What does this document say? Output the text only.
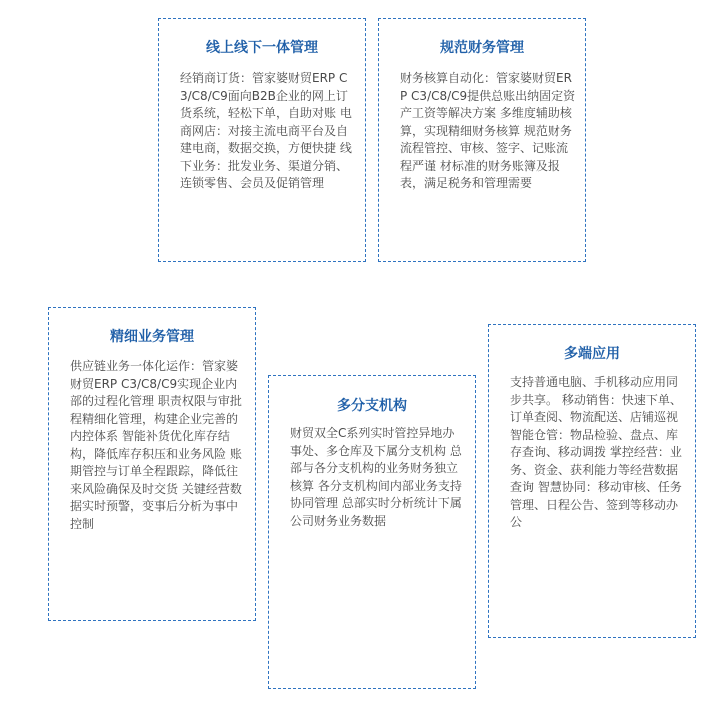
线上线下一体管理

经销商订货：管家婆财贸ERP C3/C8/C9面向B2B企业的网上订货系统，轻松下单，自助对账 电商网店：对接主流电商平台及自建电商，数据交换，方便快捷 线下业务：批发业务、渠道分销、连锁零售、会员及促销管理

规范财务管理

财务核算自动化：管家婆财贸ERP C3/C8/C9提供总账出纳固定资产工资等解决方案 多维度辅助核算，实现精细财务核算 规范财务流程管控、审核、签字、记账流程严谨 材标准的财务账簿及报表，满足税务和管理需要

精细业务管理

供应链业务一体化运作：管家婆财贸ERP C3/C8/C9实现企业内部的过程化管理 职责权限与审批程精细化管理，构建企业完善的内控体系 智能补货优化库存结构，降低库存积压和业务风险 账期管控与订单全程跟踪，降低往来风险确保及时交货 关键经营数据实时预警，变事后分析为事中控制

多分支机构

财贸双全C系列实时管控异地办事处、多仓库及下属分支机构 总部与各分支机构的业务财务独立核算 各分支机构间内部业务支持协同管理 总部实时分析统计下属公司财务业务数据

多端应用

支持普通电脑、手机移动应用同步共享。 移动销售：快速下单、订单查阅、物流配送、店铺巡视 智能仓管：物品检验、盘点、库存查询、移动调拨 掌控经营：业务、资金、获利能力等经营数据查询 智慧协同：移动审核、任务管理、日程公告、签到等移动办公
